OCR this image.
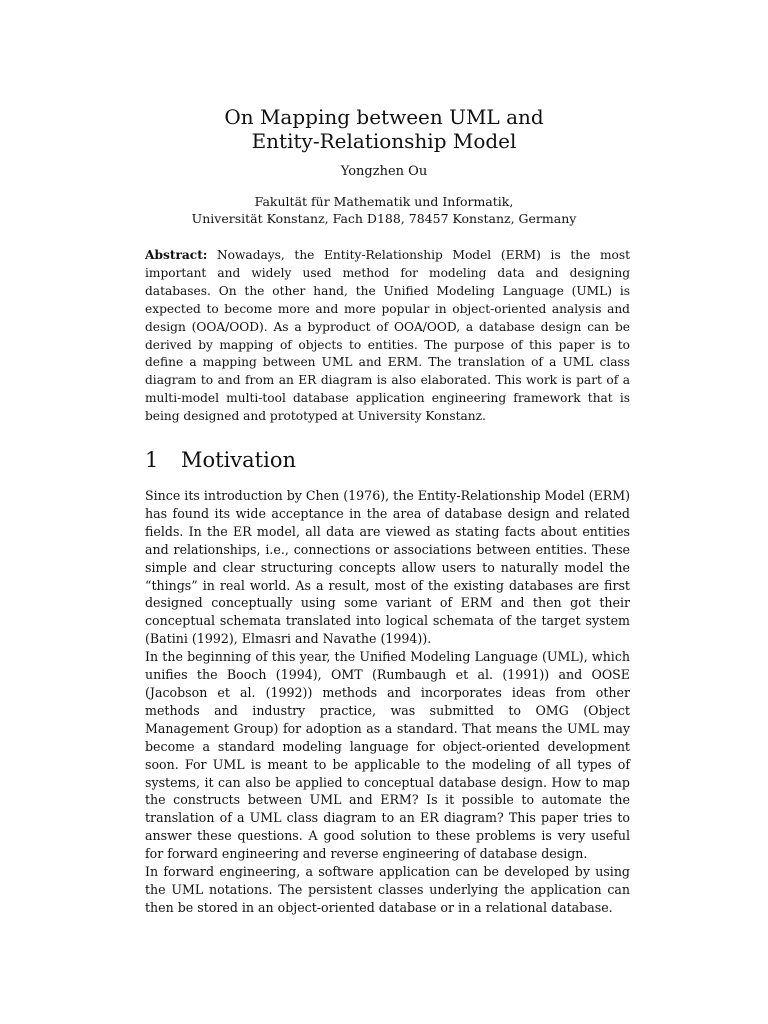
On Mapping between UML and
Entity-Relationship Model
Yongzhen Ou
Fakultät für Mathematik und Informatik,
Universität Konstanz, Fach D188, 78457 Konstanz, Germany

Abstract: Nowadays, the Entity-Relationship Model (ERM) is the most important and widely used method for modeling data and designing databases. On the other hand, the Unified Modeling Language (UML) is expected to become more and more popular in object-oriented analysis and design (OOA/OOD). As a byproduct of OOA/OOD, a database design can be derived by mapping of objects to entities. The purpose of this paper is to define a mapping between UML and ERM. The translation of a UML class diagram to and from an ER diagram is also elaborated. This work is part of a multi-model multi-tool database application engineering framework that is being designed and prototyped at University Konstanz.

1 Motivation

Since its introduction by Chen (1976), the Entity-Relationship Model (ERM) has found its wide acceptance in the area of database design and related fields. In the ER model, all data are viewed as stating facts about entities and relationships, i.e., connections or associations between entities. These simple and clear structuring concepts allow users to naturally model the “things” in real world. As a result, most of the existing databases are first designed conceptually using some variant of ERM and then got their conceptual schemata translated into logical schemata of the target system (Batini (1992), Elmasri and Navathe (1994)).

In the beginning of this year, the Unified Modeling Language (UML), which unifies the Booch (1994), OMT (Rumbaugh et al. (1991)) and OOSE (Jacobson et al. (1992)) methods and incorporates ideas from other methods and industry practice, was submitted to OMG (Object Management Group) for adoption as a standard. That means the UML may become a standard modeling language for object-oriented development soon. For UML is meant to be applicable to the modeling of all types of systems, it can also be applied to conceptual database design. How to map the constructs between UML and ERM? Is it possible to automate the translation of a UML class diagram to an ER diagram? This paper tries to answer these questions. A good solution to these problems is very useful for forward engineering and reverse engineering of database design.

In forward engineering, a software application can be developed by using the UML notations. The persistent classes underlying the application can then be stored in an object-oriented database or in a relational database.
